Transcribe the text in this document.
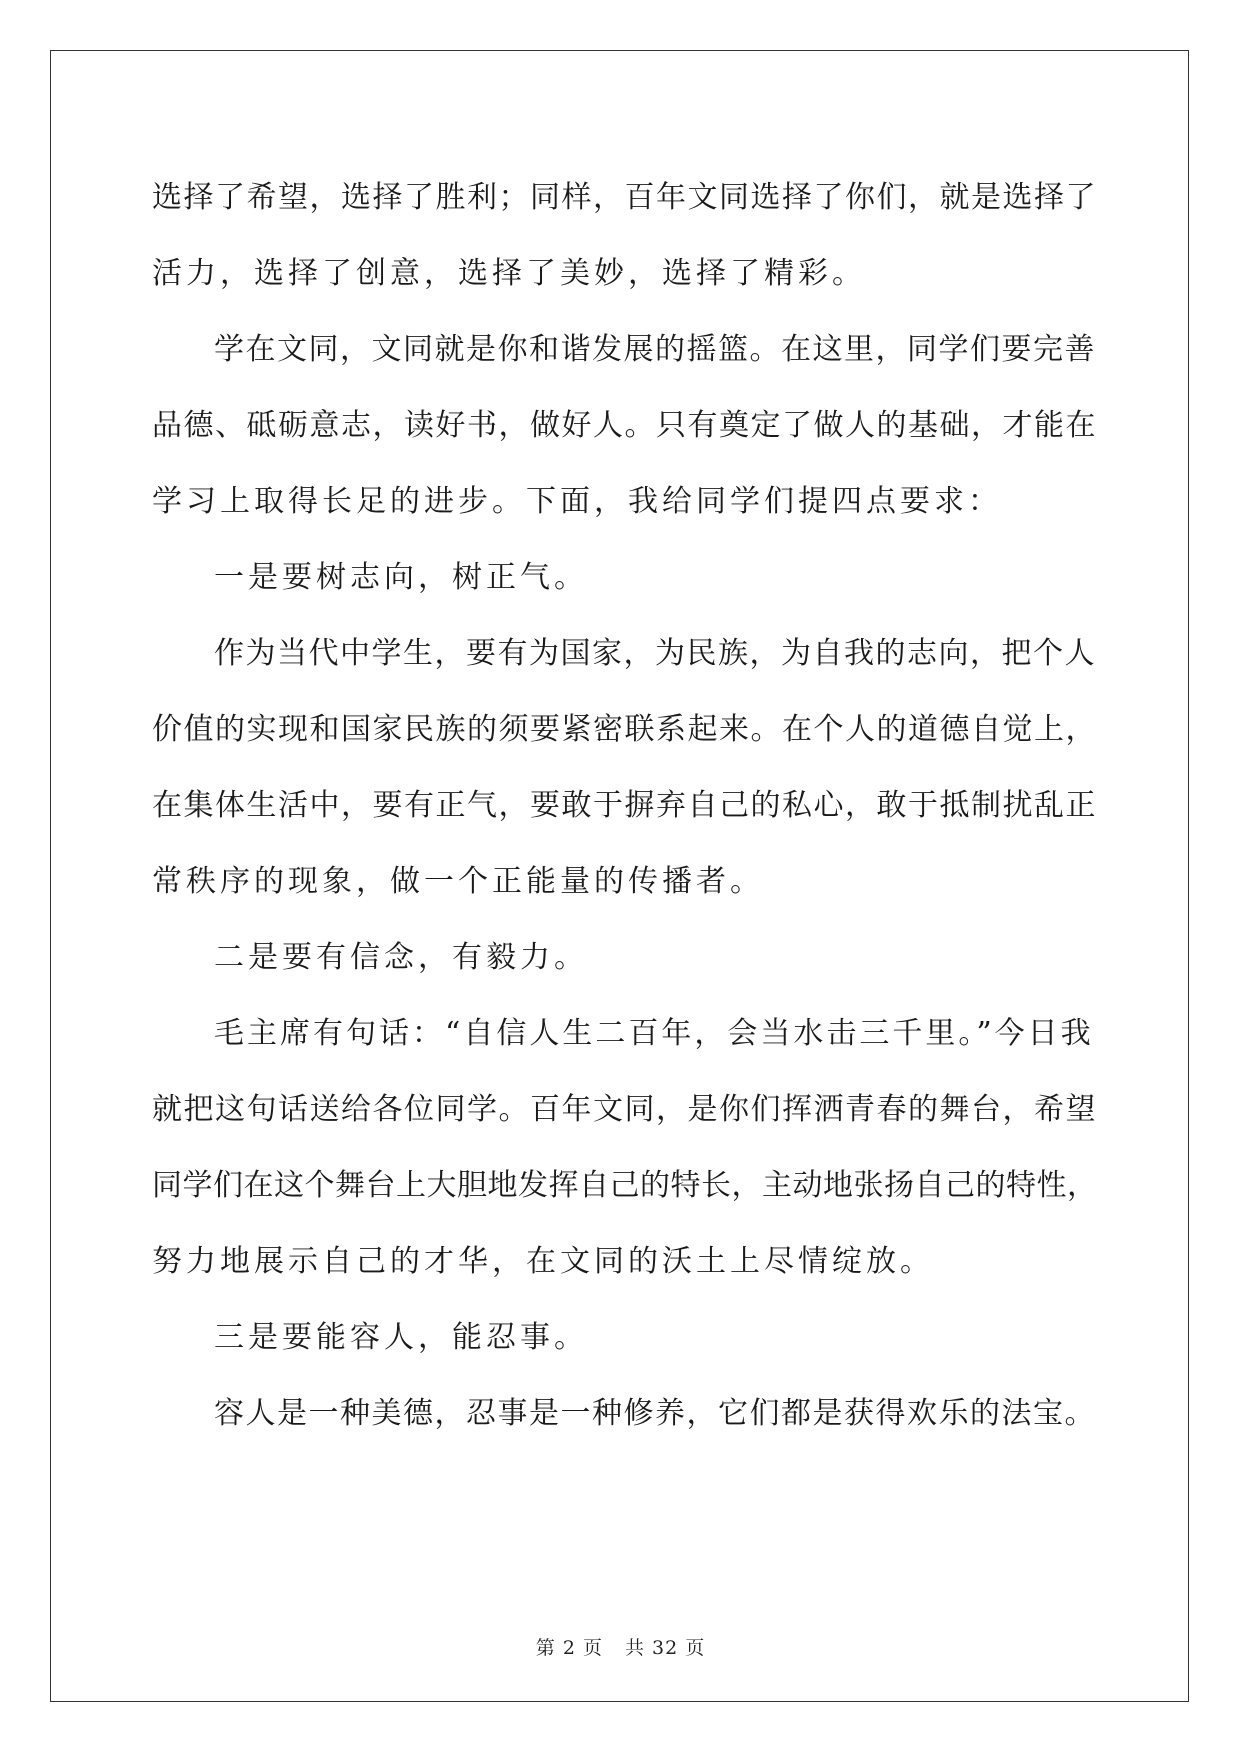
选择了希望，选择了胜利；同样，百年文同选择了你们，就是选择了

活力，选择了创意，选择了美妙，选择了精彩。

学在文同，文同就是你和谐发展的摇篮。在这里，同学们要完善

品德、砥砺意志，读好书，做好人。只有奠定了做人的基础，才能在

学习上取得长足的进步。下面，我给同学们提四点要求：

一是要树志向，树正气。

作为当代中学生，要有为国家，为民族，为自我的志向，把个人

价值的实现和国家民族的须要紧密联系起来。在个人的道德自觉上，

在集体生活中，要有正气，要敢于摒弃自己的私心，敢于抵制扰乱正

常秩序的现象，做一个正能量的传播者。

二是要有信念，有毅力。

毛主席有句话：“自信人生二百年，会当水击三千里。”今日我

就把这句话送给各位同学。百年文同，是你们挥洒青春的舞台，希望

同学们在这个舞台上大胆地发挥自己的特长，主动地张扬自己的特性，

努力地展示自己的才华，在文同的沃土上尽情绽放。

三是要能容人，能忍事。

容人是一种美德，忍事是一种修养，它们都是获得欢乐的法宝。

第 2 页 共 32 页
